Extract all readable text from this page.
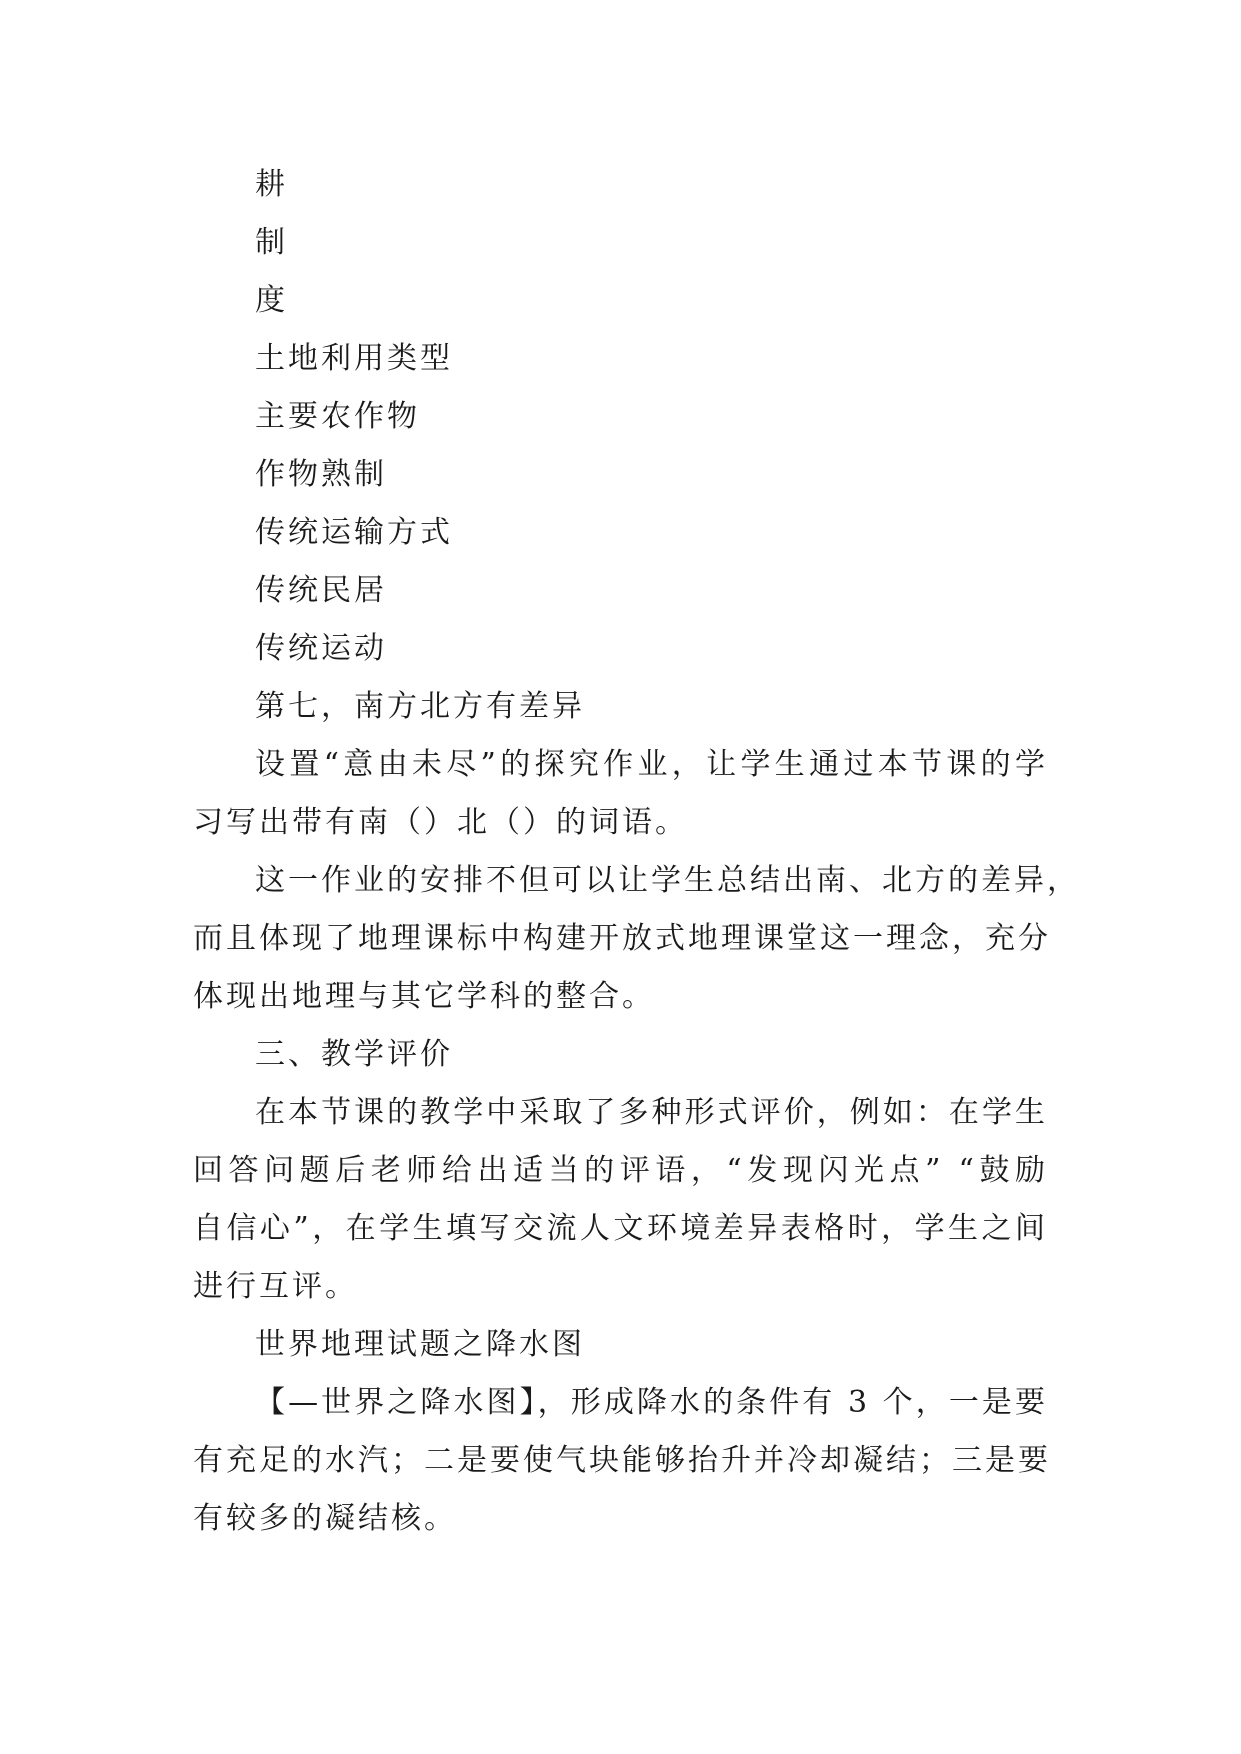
耕

制

度

土地利用类型

主要农作物

作物熟制

传统运输方式

传统民居

传统运动

第七，南方北方有差异

设置“意由未尽”的探究作业，让学生通过本节课的学

习写出带有南（）北（）的词语。

这一作业的安排不但可以让学生总结出南、北方的差异，

而且体现了地理课标中构建开放式地理课堂这一理念，充分

体现出地理与其它学科的整合。

三、教学评价

在本节课的教学中采取了多种形式评价，例如：在学生

回答问题后老师给出适当的评语，“发现闪光点” “鼓励

自信心”，在学生填写交流人文环境差异表格时，学生之间

进行互评。

世界地理试题之降水图

【—世界之降水图】，形成降水的条件有 3 个，一是要

有充足的水汽；二是要使气块能够抬升并冷却凝结；三是要

有较多的凝结核。
